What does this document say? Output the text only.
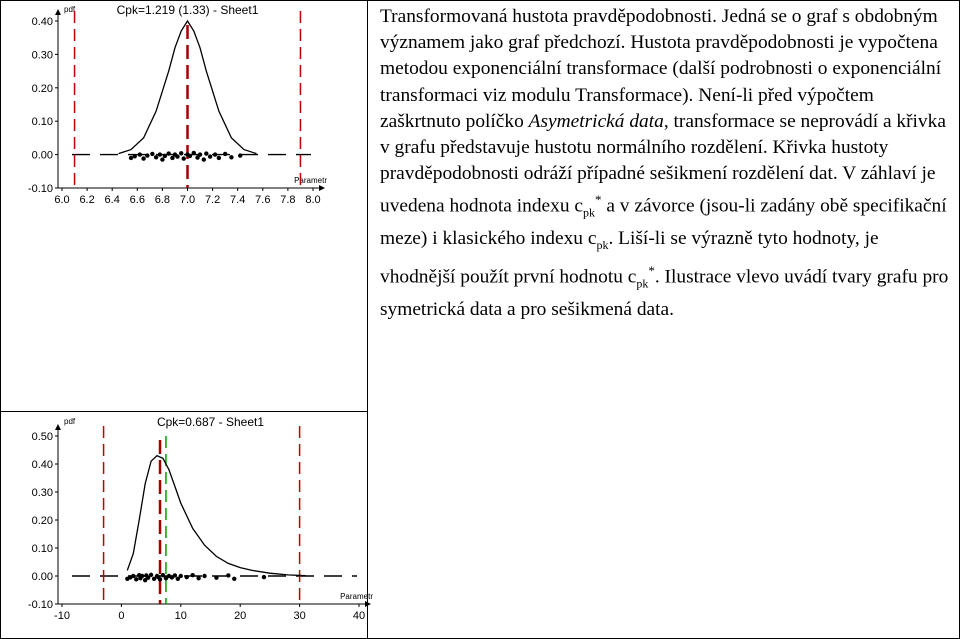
Cpk=1.219 (1.33) - Sheet1
pdf
Parametr
-0.10
0.00
0.10
0.20
0.30
0.40
6.0 6.2 6.4 6.6 6.8 7.0 7.2 7.4 7.6 7.8 8.0
Cpk=0.687 - Sheet1
pdf
Parametr
-0.10
0.00
0.10
0.20
0.30
0.40
0.50
-10	0	10	20	30	40
Transformovaná hustota pravděpodobnosti. Jedná se o graf s obdobným významem jako graf předchozí. Hustota pravděpodobnosti je vypočtena metodou exponenciální transformace (další podrobnosti o exponenciální transformaci viz modulu Transformace). Není-li před výpočtem zaškrtnuto políčko Asymetrická data, transformace se neprovádí a křivka v grafu představuje hustotu normálního rozdělení. Křivka hustoty pravděpodobnosti odráží případné sešikmení rozdělení dat. V záhlaví je uvedena hodnota indexu $c_{pk}^*$ a v závorce (jsou-li zadány obě specifikační meze) i klasického indexu $c_{pk}$. Liší-li se výrazně tyto hodnoty, je vhodnější použít první hodnotu $c_{pk}^*$. Ilustrace vlevo uvádí tvary grafu pro symetrická data a pro sešikmená data.
